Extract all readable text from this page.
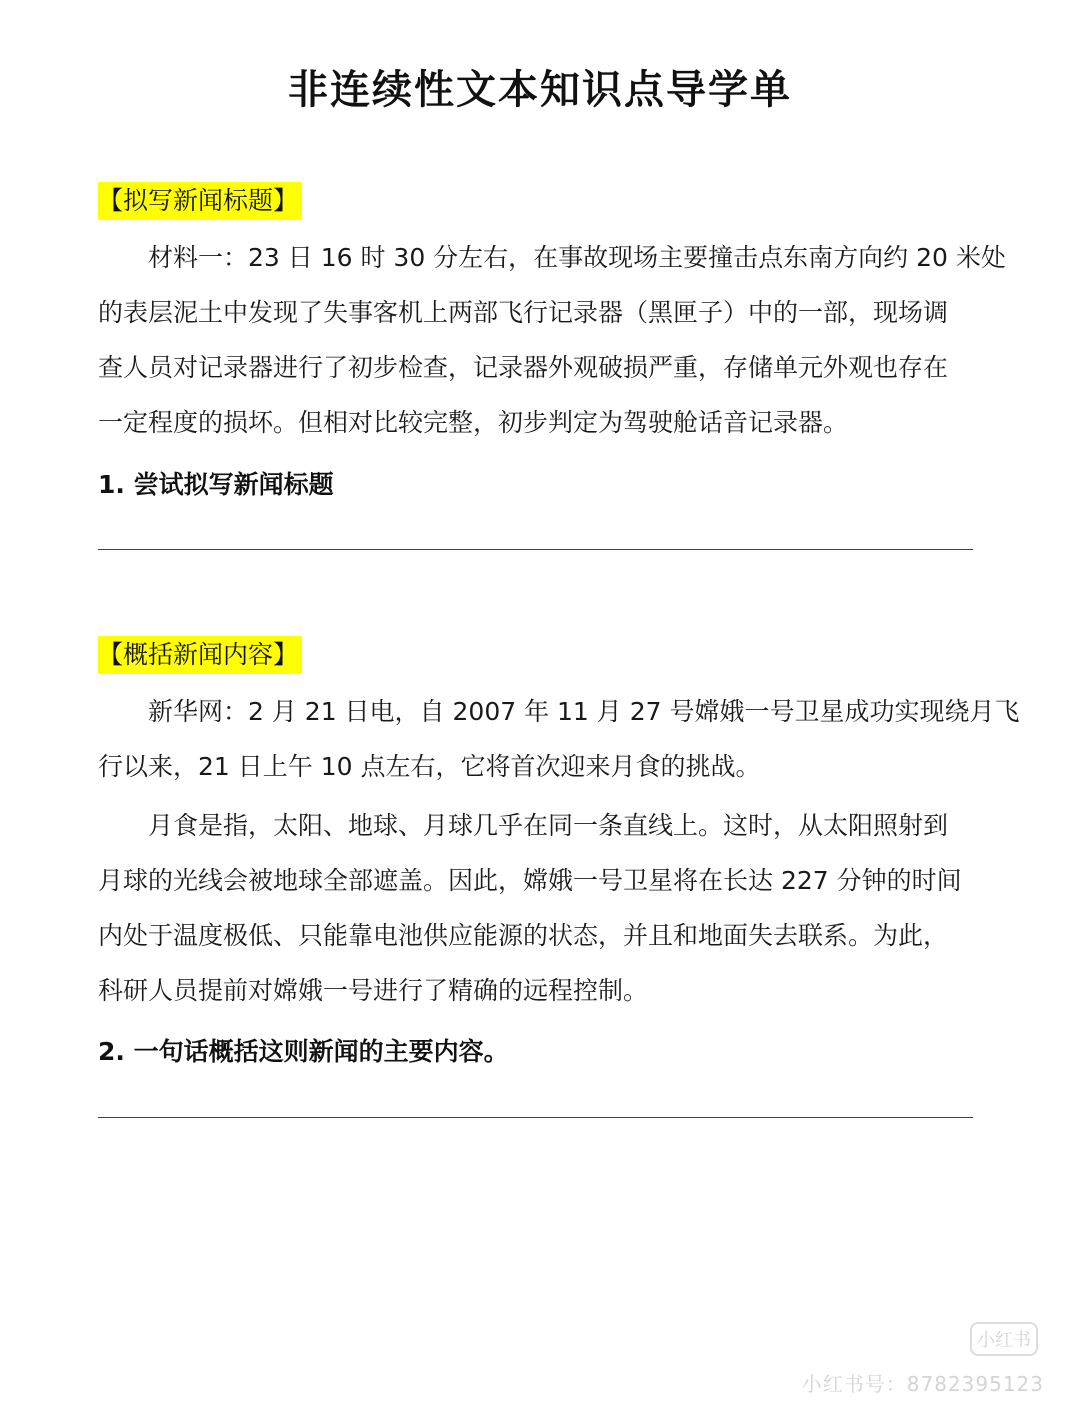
非连续性文本知识点导学单
【拟写新闻标题】
材料一：23 日 16 时 30 分左右，在事故现场主要撞击点东南方向约 20 米处
的表层泥土中发现了失事客机上两部飞行记录器（黑匣子）中的一部，现场调
查人员对记录器进行了初步检查，记录器外观破损严重，存储单元外观也存在
一定程度的损坏。但相对比较完整，初步判定为驾驶舱话音记录器。
1. 尝试拟写新闻标题
【概括新闻内容】
新华网：2 月 21 日电，自 2007 年 11 月 27 号嫦娥一号卫星成功实现绕月飞
行以来，21 日上午 10 点左右，它将首次迎来月食的挑战。
月食是指，太阳、地球、月球几乎在同一条直线上。这时，从太阳照射到
月球的光线会被地球全部遮盖。因此，嫦娥一号卫星将在长达 227 分钟的时间
内处于温度极低、只能靠电池供应能源的状态，并且和地面失去联系。为此，
科研人员提前对嫦娥一号进行了精确的远程控制。
2. 一句话概括这则新闻的主要内容。
小红书
小红书号：8782395123
